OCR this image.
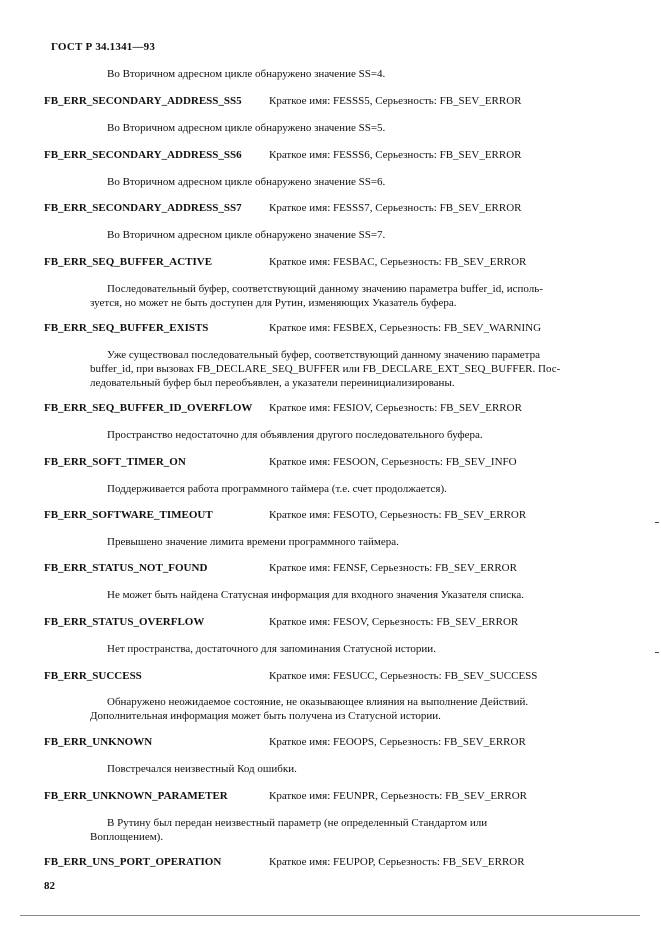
ГОСТ Р 34.1341—93
Во Вторичном адресном цикле обнаружено значение SS=4.
FB_ERR_SECONDARY_ADDRESS_SS5 Краткое имя: FESSS5, Серьезность: FB_SEV_ERROR
Во Вторичном адресном цикле обнаружено значение SS=5.
FB_ERR_SECONDARY_ADDRESS_SS6 Краткое имя: FESSS6, Серьезность: FB_SEV_ERROR
Во Вторичном адресном цикле обнаружено значение SS=6.
FB_ERR_SECONDARY_ADDRESS_SS7 Краткое имя: FESSS7, Серьезность: FB_SEV_ERROR
Во Вторичном адресном цикле обнаружено значение SS=7.
FB_ERR_SEQ_BUFFER_ACTIVE	Краткое имя: FESBAC, Серьезность: FB_SEV_ERROR
Последовательный буфер, соответствующий данному значению параметра buffer_id, исполь-
зуется, но может не быть доступен для Рутин, изменяющих Указатель буфера.
FB_ERR_SEQ_BUFFER_EXISTS	Краткое имя: FESBEX, Серьезность: FB_SEV_WARNING
Уже существовал последовательный буфер, соответствующий данному значению параметра
buffer_id, при вызовах FB_DECLARE_SEQ_BUFFER или FB_DECLARE_EXT_SEQ_BUFFER. Пос-
ледовательный буфер был переобъявлен, а указатели переинициализированы.
FB_ERR_SEQ_BUFFER_ID_OVERFLOW Краткое имя: FESIOV, Серьезность: FB_SEV_ERROR
Пространство недостаточно для объявления другого последовательного буфера.
FB_ERR_SOFT_TIMER_ON	Краткое имя: FESOON, Серьезность: FB_SEV_INFO
Поддерживается работа программного таймера (т.е. счет продолжается).
FB_ERR_SOFTWARE_TIMEOUT	Краткое имя: FESOTO, Серьезность: FB_SEV_ERROR
Превышено значение лимита времени программного таймера.
FB_ERR_STATUS_NOT_FOUND	Краткое имя: FENSF, Серьезность: FB_SEV_ERROR
Не может быть найдена Статусная информация для входного значения Указателя списка.
FB_ERR_STATUS_OVERFLOW	Краткое имя: FESOV, Серьезность: FB_SEV_ERROR
Нет пространства, достаточного для запоминания Статусной истории.
FB_ERR_SUCCESS	Краткое имя: FESUCC, Серьезность: FB_SEV_SUCCESS
Обнаружено неожидаемое состояние, не оказывающее влияния на выполнение Действий.
Дополнительная информация может быть получена из Статусной истории.
FB_ERR_UNKNOWN	Краткое имя: FEOOPS, Серьезность: FB_SEV_ERROR
Повстречался неизвестный Код ошибки.
FB_ERR_UNKNOWN_PARAMETER	Краткое имя: FEUNPR, Серьезность: FB_SEV_ERROR
В Рутину был передан неизвестный параметр (не определенный Стандартом или
Воплощением).
FB_ERR_UNS_PORT_OPERATION	Краткое имя: FEUPOP, Серьезность: FB_SEV_ERROR
82
